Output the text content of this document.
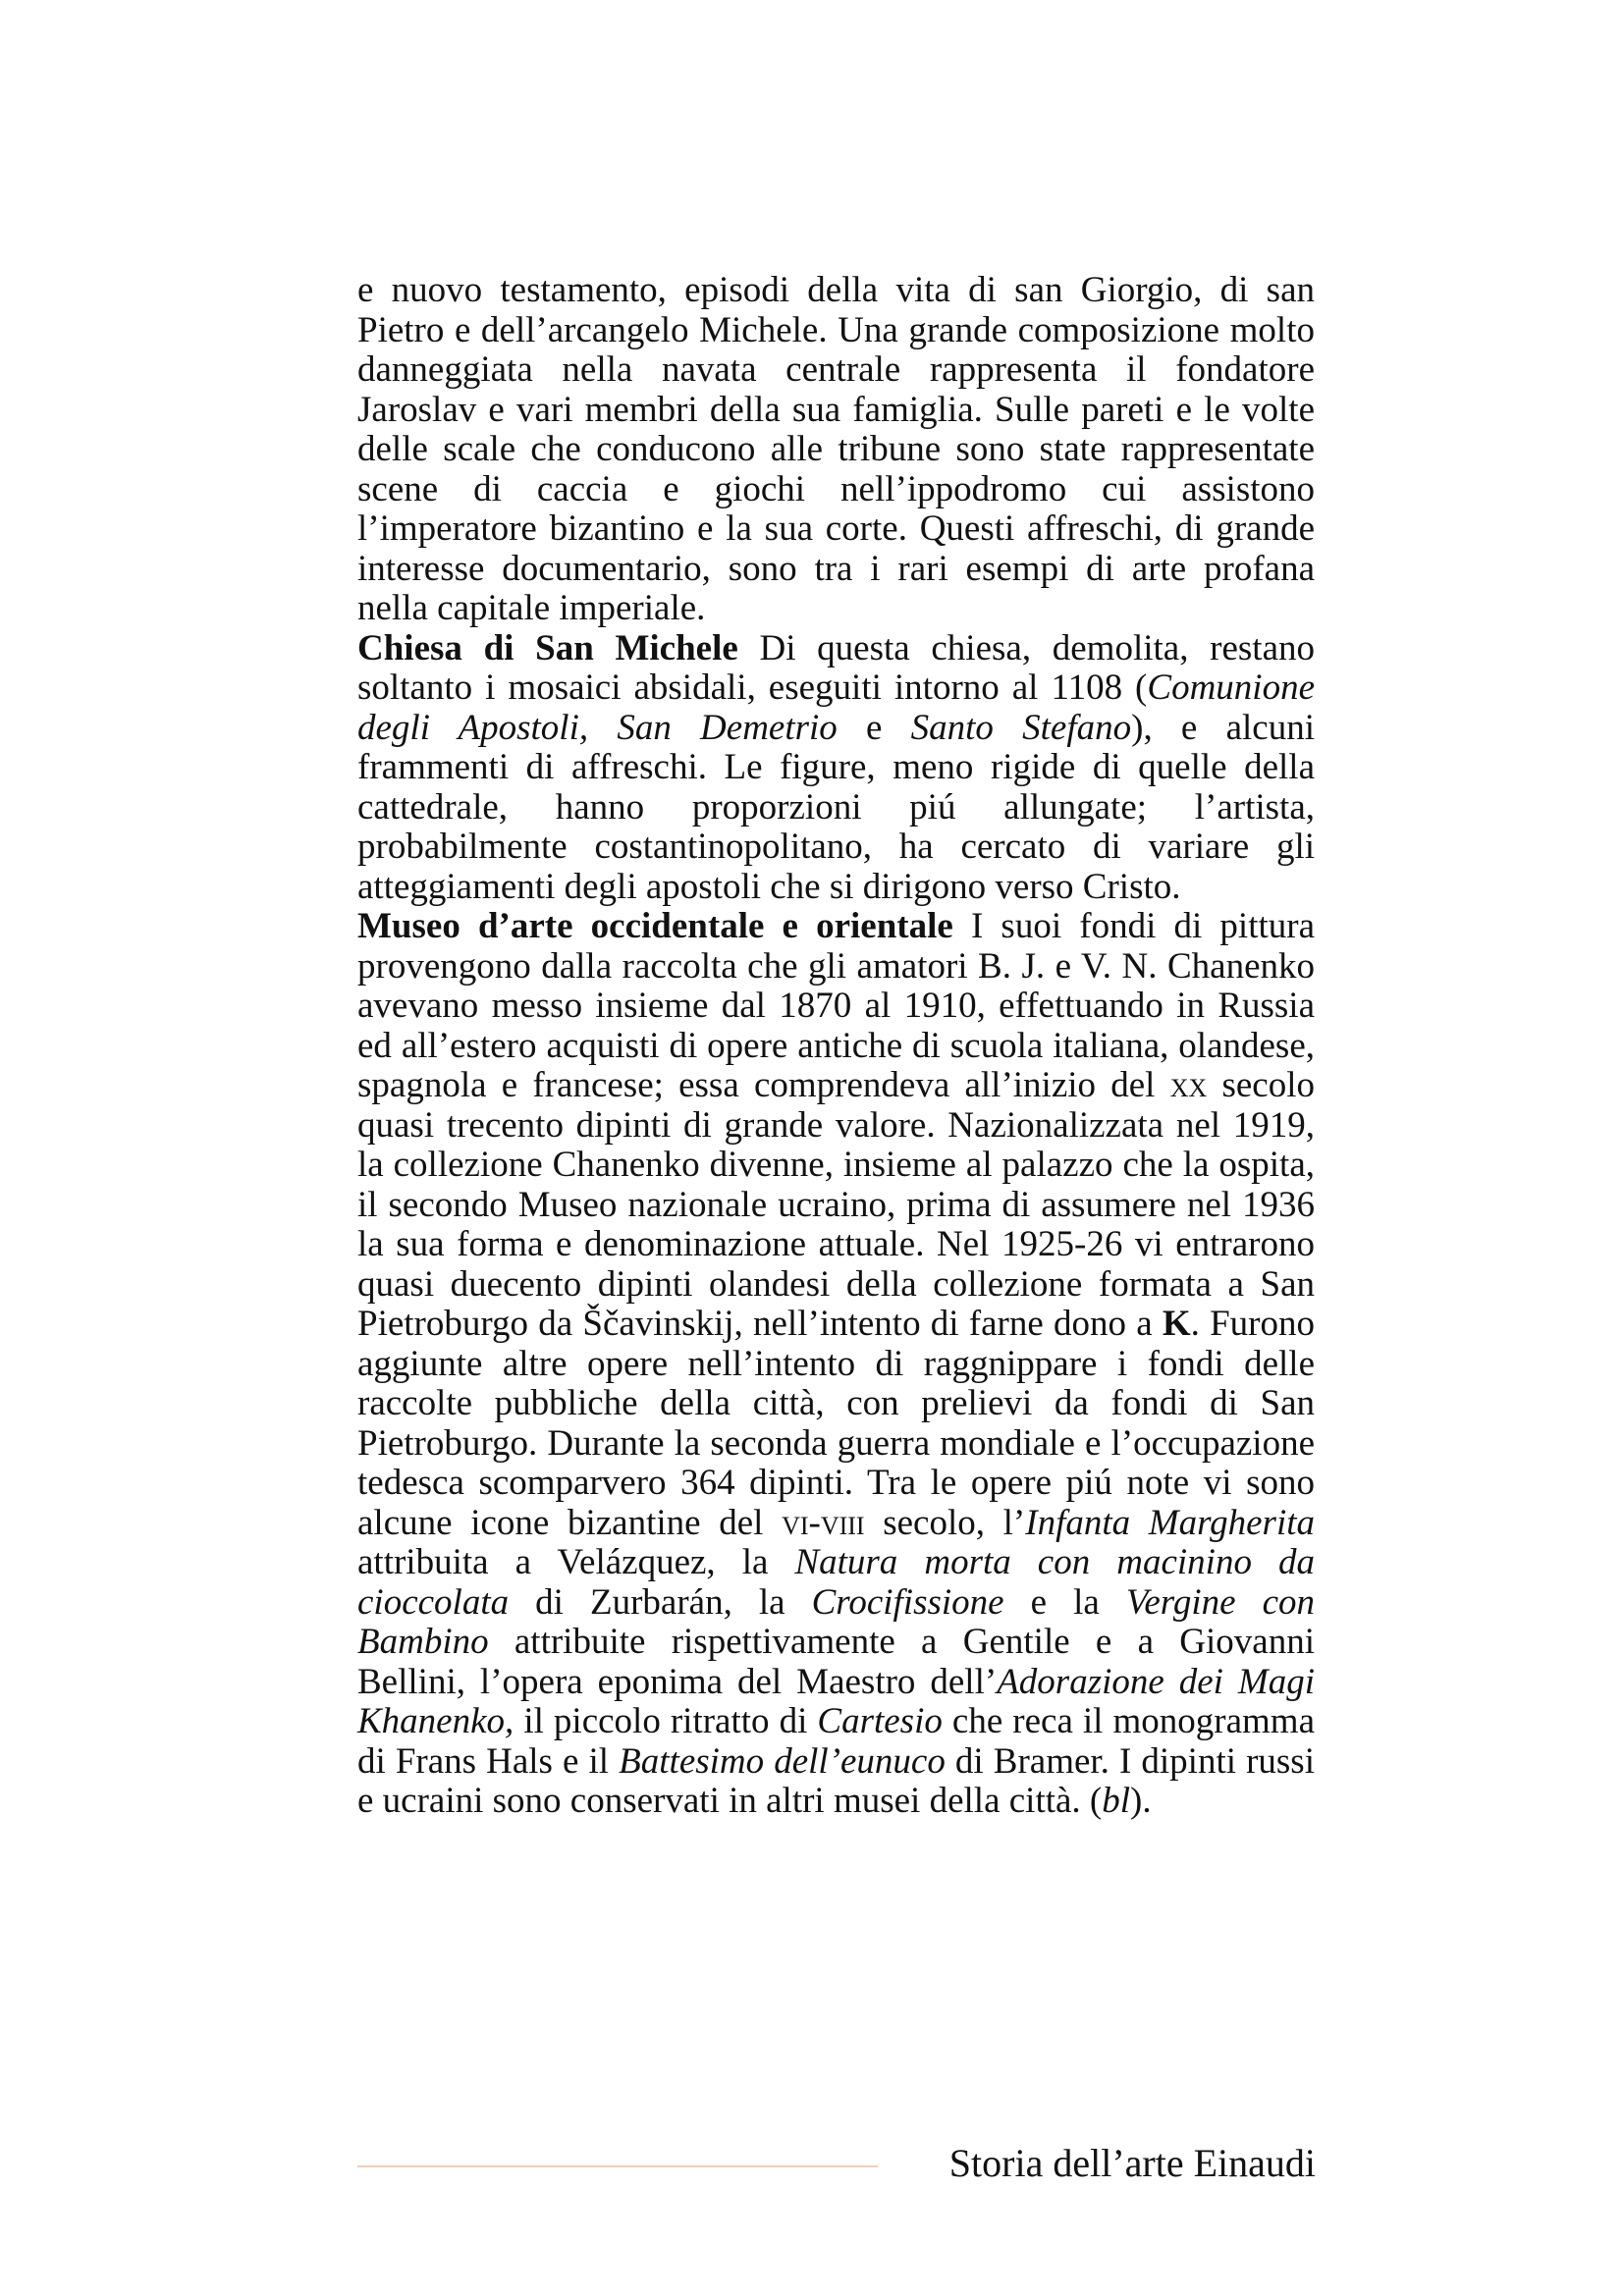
e nuovo testamento, episodi della vita di san Giorgio, di san Pietro e dell’arcangelo Michele. Una grande composizione molto danneggiata nella navata centrale rappresenta il fondatore Jaroslav e vari membri della sua famiglia. Sulle pareti e le volte delle scale che conducono alle tribune sono state rappresentate scene di caccia e giochi nell’ippodromo cui assistono l’imperatore bizantino e la sua corte. Questi affreschi, di grande interesse documentario, sono tra i rari esempi di arte profana nella capitale imperiale.

Chiesa di San Michele Di questa chiesa, demolita, restano soltanto i mosaici absidali, eseguiti intorno al 1108 (Comunione degli Apostoli, San Demetrio e Santo Stefano), e alcuni frammenti di affreschi. Le figure, meno rigide di quelle della cattedrale, hanno proporzioni piú allungate; l’artista, probabilmente costantinopolitano, ha cercato di variare gli atteggiamenti degli apostoli che si dirigono verso Cristo.

Museo d’arte occidentale e orientale I suoi fondi di pittura provengono dalla raccolta che gli amatori B. J. e V. N. Chanenko avevano messo insieme dal 1870 al 1910, effettuando in Russia ed all’estero acquisti di opere antiche di scuola italiana, olandese, spagnola e francese; essa comprendeva all’inizio del xx secolo quasi trecento dipinti di grande valore. Nazionalizzata nel 1919, la collezione Chanenko divenne, insieme al palazzo che la ospita, il secondo Museo nazionale ucraino, prima di assumere nel 1936 la sua forma e denominazione attuale. Nel 1925-26 vi entrarono quasi duecento dipinti olandesi della collezione formata a San Pietroburgo da Ščavinskij, nell’intento di farne dono a K. Furono aggiunte altre opere nell’intento di raggnippare i fondi delle raccolte pubbliche della città, con prelievi da fondi di San Pietroburgo. Durante la seconda guerra mondiale e l’occupazione tedesca scomparvero 364 dipinti. Tra le opere piú note vi sono alcune icone bizantine del vi-viii secolo, l’Infanta Margherita attribuita a Velázquez, la Natura morta con macinino da cioccolata di Zurbarán, la Crocifissione e la Vergine con Bambino attribuite rispettivamente a Gentile e a Giovanni Bellini, l’opera eponima del Maestro dell’Adorazione dei Magi Khanenko, il piccolo ritratto di Cartesio che reca il monogramma di Frans Hals e il Battesimo dell’eunuco di Bramer. I dipinti russi e ucraini sono conservati in altri musei della città. (bl).

Storia dell’arte Einaudi
